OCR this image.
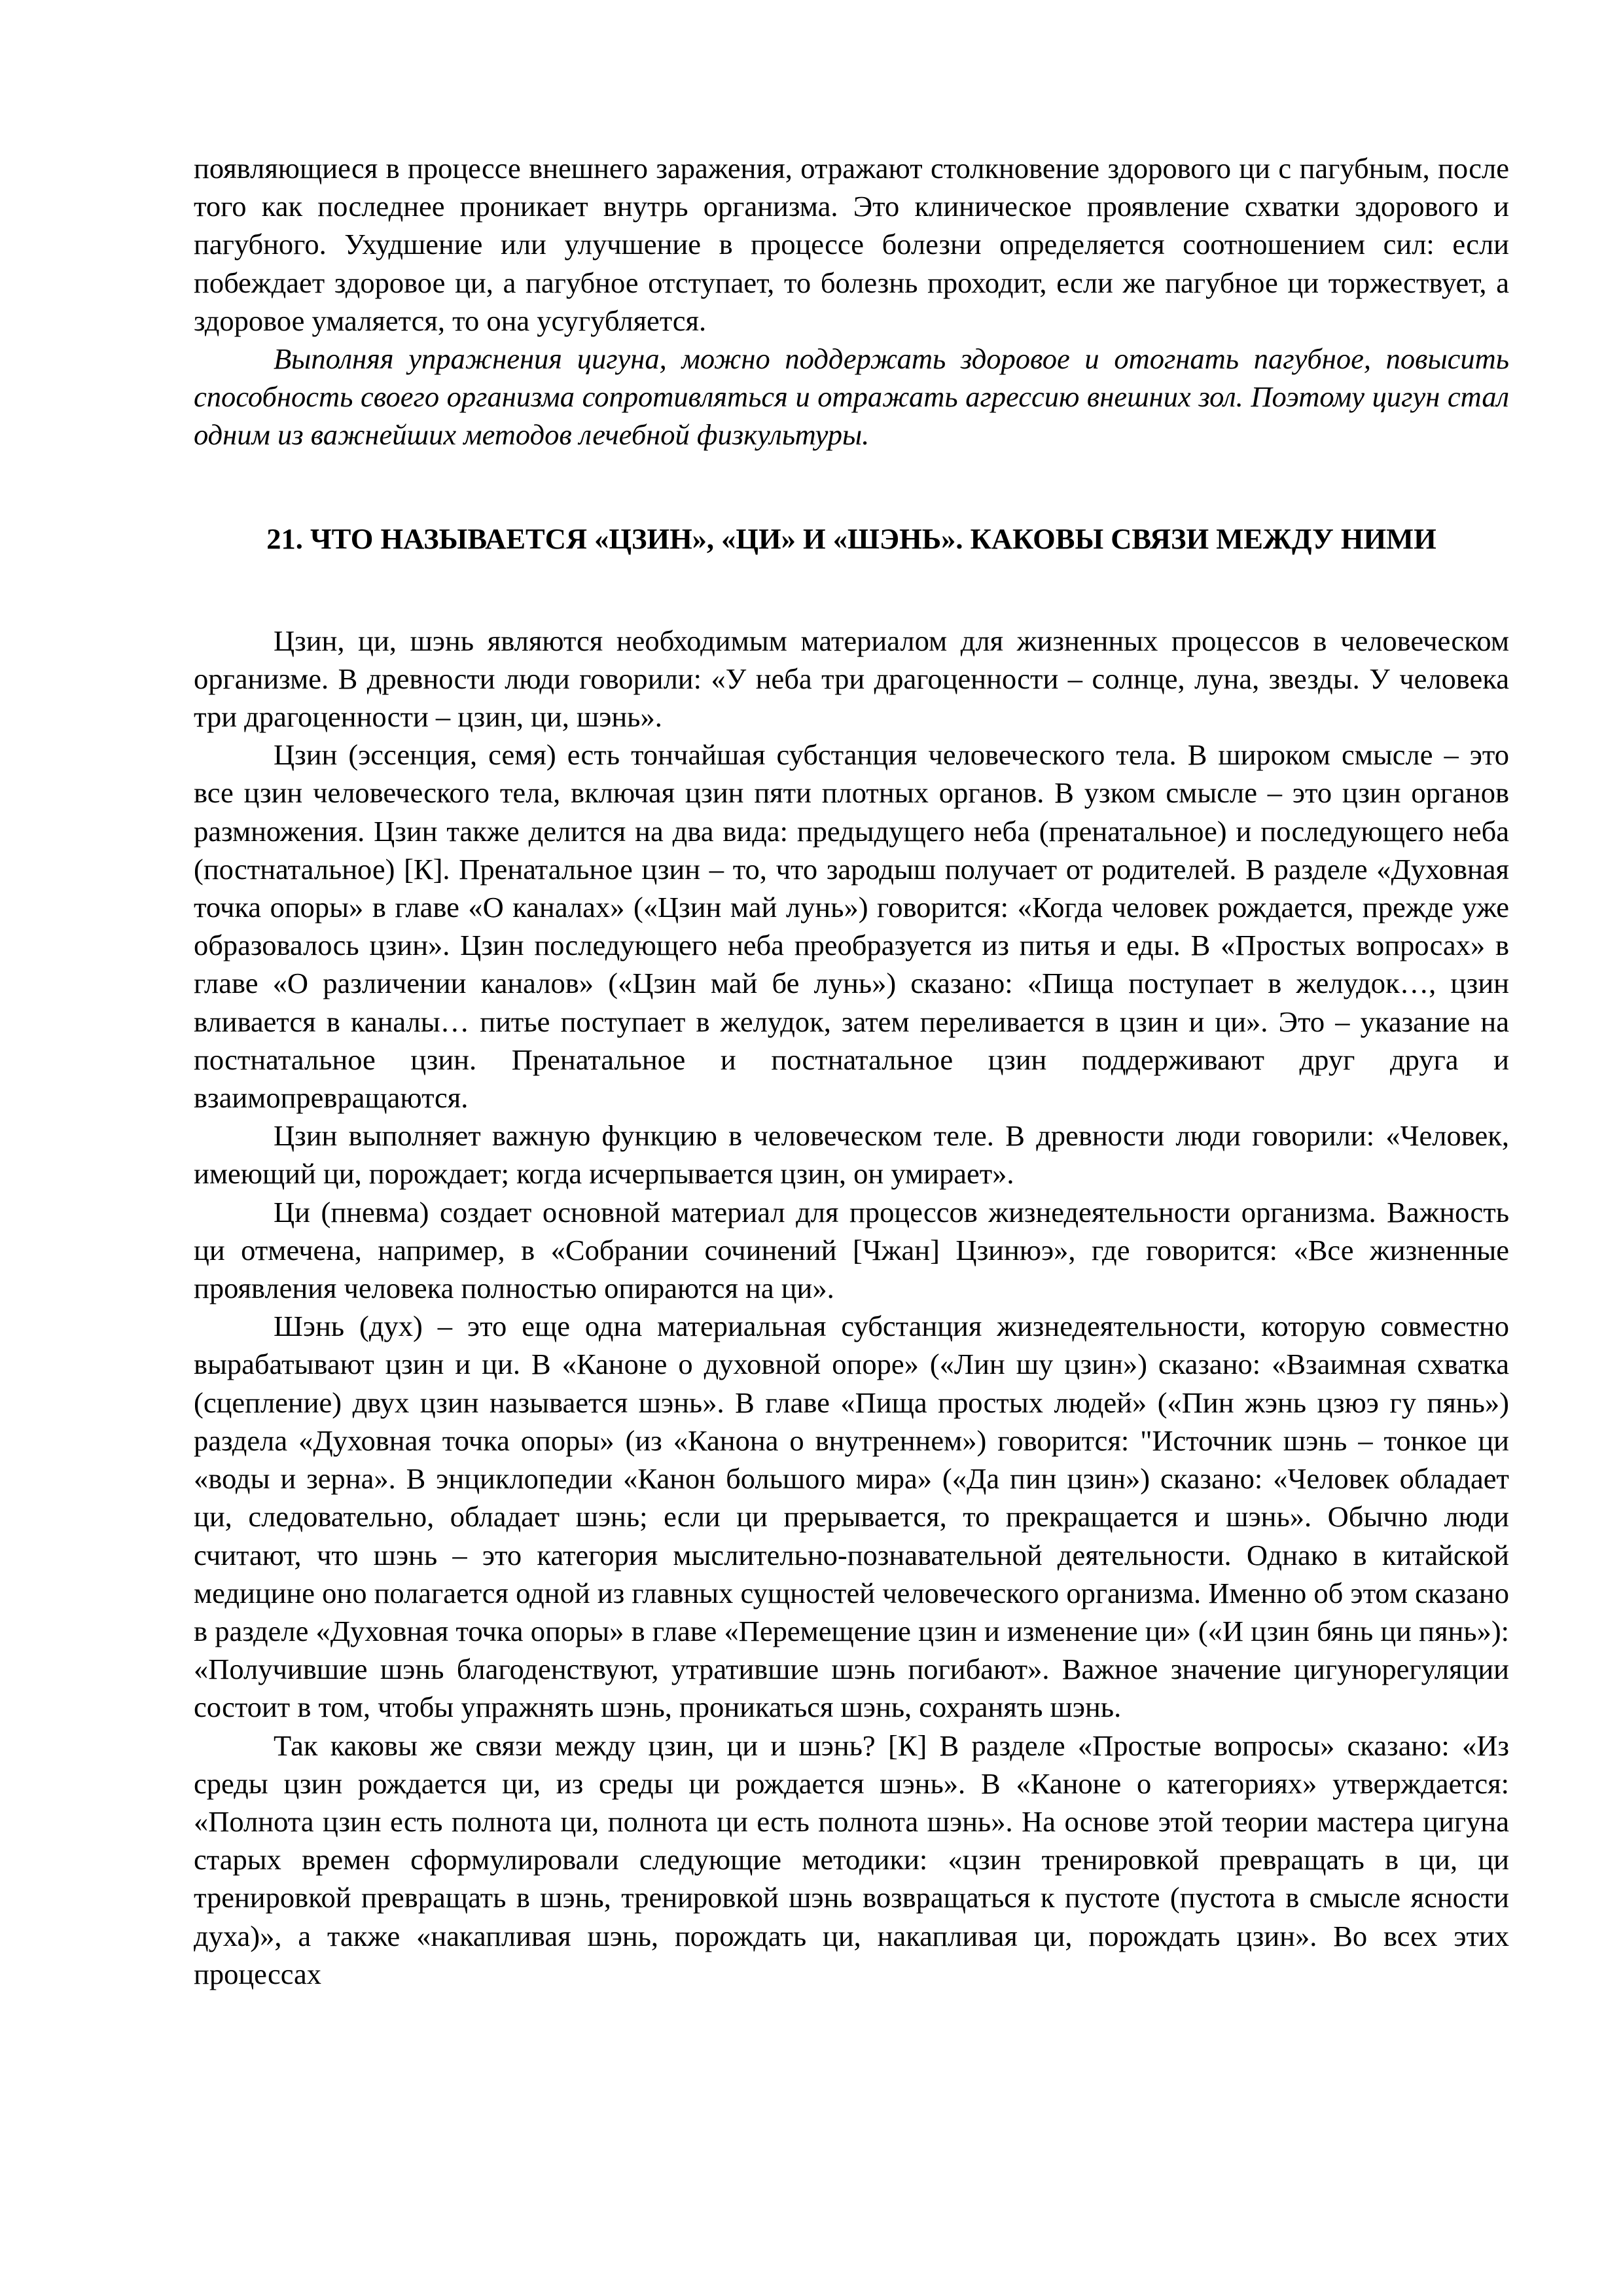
появляющиеся в процессе внешнего заражения, отражают столкновение здорового ци с пагубным, после того как последнее проникает внутрь организма. Это клиническое проявление схватки здорового и пагубного. Ухудшение или улучшение в процессе болезни определяется соотношением сил: если побеждает здоровое ци, а пагубное отступает, то болезнь проходит, если же пагубное ци торжествует, а здоровое умаляется, то она усугубляется.

Выполняя упражнения цигуна, можно поддержать здоровое и отогнать пагубное, повысить способность своего организма сопротивляться и отражать агрессию внешних зол. Поэтому цигун стал одним из важнейших методов лечебной физкультуры.

21. ЧТО НАЗЫВАЕТСЯ «ЦЗИН», «ЦИ» И «ШЭНЬ». КАКОВЫ СВЯЗИ МЕЖДУ НИМИ

Цзин, ци, шэнь являются необходимым материалом для жизненных процессов в человеческом организме. В древности люди говорили: «У неба три драгоценности – солнце, луна, звезды. У человека три драгоценности – цзин, ци, шэнь».

Цзин (эссенция, семя) есть тончайшая субстанция человеческого тела. В широком смысле – это все цзин человеческого тела, включая цзин пяти плотных органов. В узком смысле – это цзин органов размножения. Цзин также делится на два вида: предыдущего неба (пренатальное) и последующего неба (постнатальное) [К]. Пренатальное цзин – то, что зародыш получает от родителей. В разделе «Духовная точка опоры» в главе «О каналах» («Цзин май лунь») говорится: «Когда человек рождается, прежде уже образовалось цзин». Цзин последующего неба преобразуется из питья и еды. В «Простых вопросах» в главе «О различении каналов» («Цзин май бе лунь») сказано: «Пища поступает в желудок…, цзин вливается в каналы… питье поступает в желудок, затем переливается в цзин и ци». Это – указание на постнатальное цзин. Пренатальное и постнатальное цзин поддерживают друг друга и взаимопревращаются.

Цзин выполняет важную функцию в человеческом теле. В древности люди говорили: «Человек, имеющий ци, порождает; когда исчерпывается цзин, он умирает».

Ци (пневма) создает основной материал для процессов жизнедеятельности организма. Важность ци отмечена, например, в «Собрании сочинений [Чжан] Цзинюэ», где говорится: «Все жизненные проявления человека полностью опираются на ци».

Шэнь (дух) – это еще одна материальная субстанция жизнедеятельности, которую совместно вырабатывают цзин и ци. В «Каноне о духовной опоре» («Лин шу цзин») сказано: «Взаимная схватка (сцепление) двух цзин называется шэнь». В главе «Пища простых людей» («Пин жэнь цзюэ гу пянь») раздела «Духовная точка опоры» (из «Канона о внутреннем») говорится: "Источник шэнь – тонкое ци «воды и зерна». В энциклопедии «Канон большого мира» («Да пин цзин») сказано: «Человек обладает ци, следовательно, обладает шэнь; если ци прерывается, то прекращается и шэнь». Обычно люди считают, что шэнь – это категория мыслительно-познавательной деятельности. Однако в китайской медицине оно полагается одной из главных сущностей человеческого организма. Именно об этом сказано в разделе «Духовная точка опоры» в главе «Перемещение цзин и изменение ци» («И цзин бянь ци пянь»): «Получившие шэнь благоденствуют, утратившие шэнь погибают». Важное значение цигунорегуляции состоит в том, чтобы упражнять шэнь, проникаться шэнь, сохранять шэнь.

Так каковы же связи между цзин, ци и шэнь? [К] В разделе «Простые вопросы» сказано: «Из среды цзин рождается ци, из среды ци рождается шэнь». В «Каноне о категориях» утверждается: «Полнота цзин есть полнота ци, полнота ци есть полнота шэнь». На основе этой теории мастера цигуна старых времен сформулировали следующие методики: «цзин тренировкой превращать в ци, ци тренировкой превращать в шэнь, тренировкой шэнь возвращаться к пустоте (пустота в смысле ясности духа)», а также «накапливая шэнь, порождать ци, накапливая ци, порождать цзин». Во всех этих процессах
